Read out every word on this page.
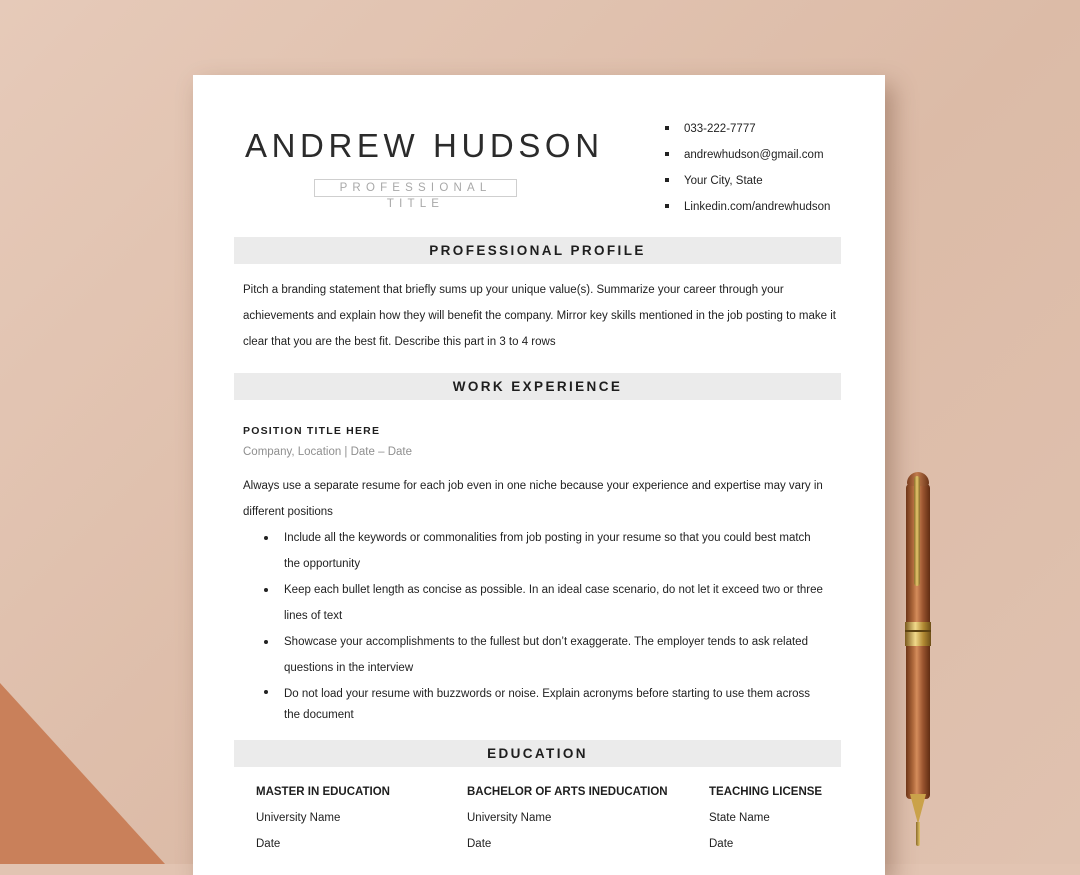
ANDREW HUDSON
PROFESSIONAL TITLE
033-222-7777
andrewhudson@gmail.com
Your City, State
Linkedin.com/andrewhudson
PROFESSIONAL PROFILE

Pitch a branding statement that briefly sums up your unique value(s). Summarize your career through your achievements and explain how they will benefit the company. Mirror key skills mentioned in the job posting to make it clear that you are the best fit. Describe this part in 3 to 4 rows

WORK EXPERIENCE
POSITION TITLE HERE
Company, Location | Date – Date

Always use a separate resume for each job even in one niche because your experience and expertise may vary in different positions

Include all the keywords or commonalities from job posting in your resume so that you could best match the opportunity
Keep each bullet length as concise as possible. In an ideal case scenario, do not let it exceed two or three lines of text
Showcase your accomplishments to the fullest but don’t exaggerate. The employer tends to ask related questions in the interview
Do not load your resume with buzzwords or noise. Explain acronyms before starting to use them across the document
EDUCATION
MASTER IN EDUCATION
University Name
Date
BACHELOR OF ARTS INEDUCATION
University Name
Date
TEACHING LICENSE
State Name
Date
